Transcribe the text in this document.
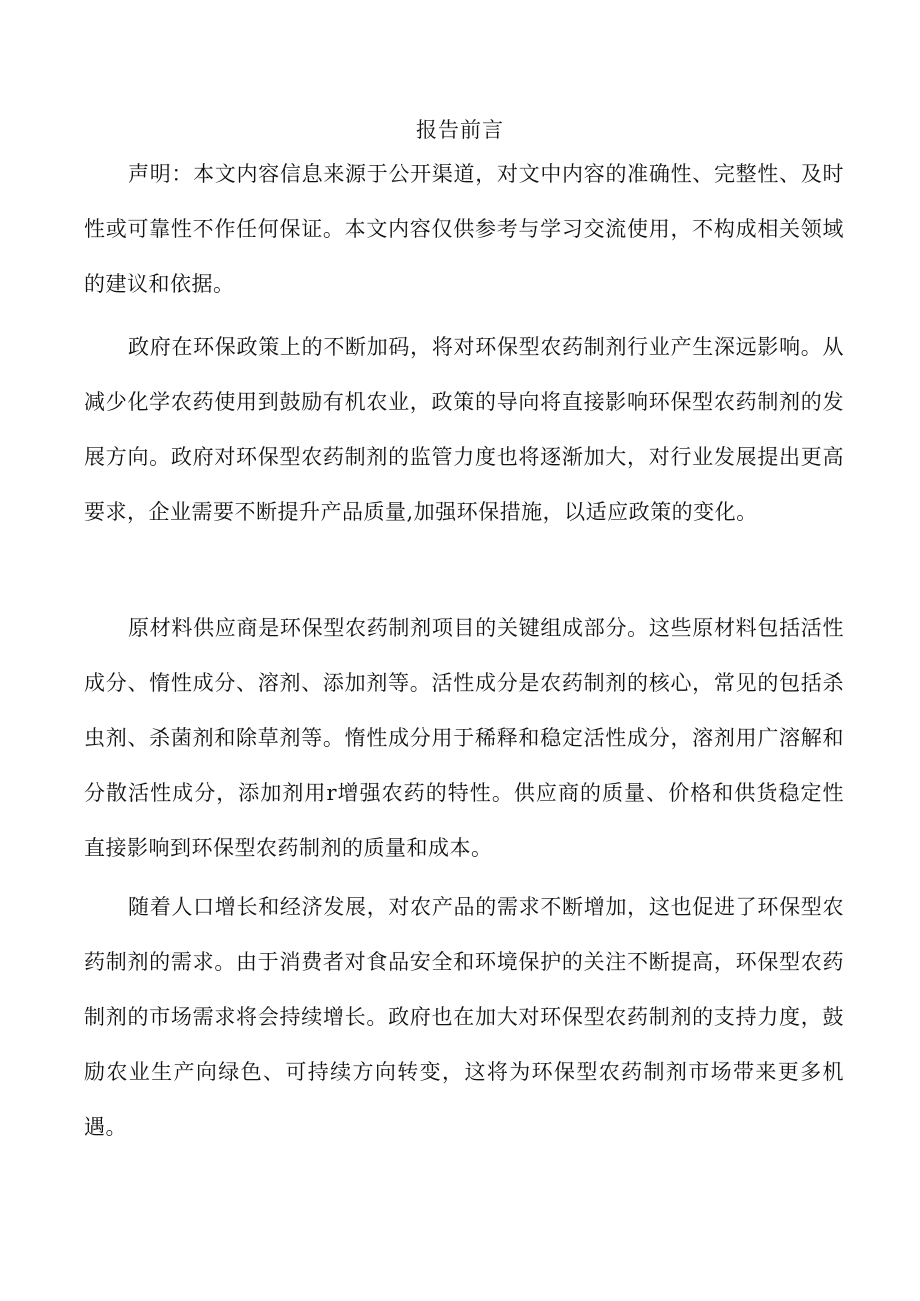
报告前言

声明：本文内容信息来源于公开渠道，对文中内容的准确性、完整性、及时性或可靠性不作任何保证。本文内容仅供参考与学习交流使用，不构成相关领域的建议和依据。

政府在环保政策上的不断加码，将对环保型农药制剂行业产生深远影响。从减少化学农药使用到鼓励有机农业，政策的导向将直接影响环保型农药制剂的发展方向。政府对环保型农药制剂的监管力度也将逐渐加大，对行业发展提出更高要求，企业需要不断提升产品质量,加强环保措施，以适应政策的变化。

原材料供应商是环保型农药制剂项目的关键组成部分。这些原材料包括活性成分、惰性成分、溶剂、添加剂等。活性成分是农药制剂的核心，常见的包括杀虫剂、杀菌剂和除草剂等。惰性成分用于稀释和稳定活性成分，溶剂用广溶解和分散活性成分，添加剂用r增强农药的特性。供应商的质量、价格和供货稳定性直接影响到环保型农药制剂的质量和成本。

随着人口增长和经济发展，对农产品的需求不断增加，这也促进了环保型农药制剂的需求。由于消费者对食品安全和环境保护的关注不断提高，环保型农药制剂的市场需求将会持续增长。政府也在加大对环保型农药制剂的支持力度，鼓励农业生产向绿色、可持续方向转变，这将为环保型农药制剂市场带来更多机遇。
